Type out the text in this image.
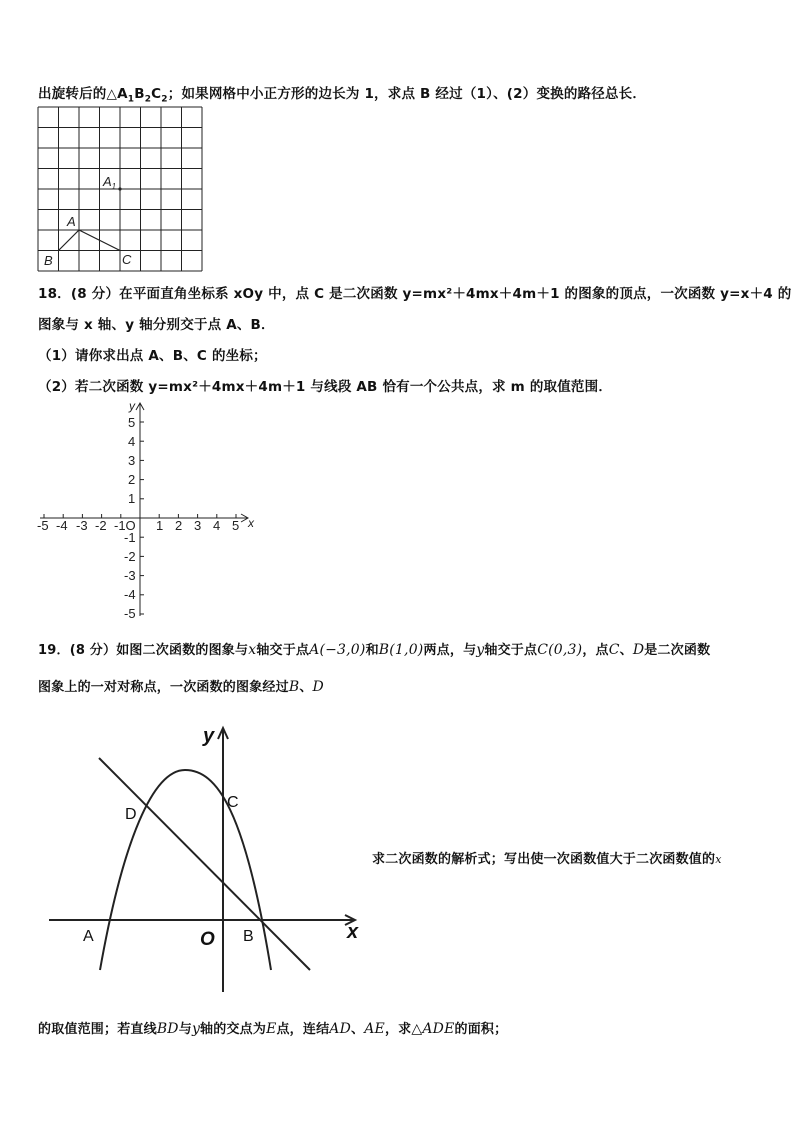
出旋转后的$\triangle A_1B_2C_2$；如果网格中小正方形的边长为 1，求点 B 经过（1）、(2）变换的路径总长．
$A_1$
A
B	C
18．(8 分）在平面直角坐标系 xOy 中，点 C 是二次函数 y=mx²＋4mx＋4m＋1 的图象的顶点，一次函数 y=x＋4 的
图象与 x 轴、y 轴分别交于点 A、B．
（1）请你求出点 A、B、C 的坐标；
（2）若二次函数 y=mx²＋4mx＋4m＋1 与线段 AB 恰有一个公共点，求 m 的取值范围．
-5 -4 -3 -2 -1O 1 2 3 4 5 x
y
5
4
3
2
1
-1
-2
-3
-4
-5
19．(8 分）如图二次函数的图象与x轴交于点A(−3,0)和B(1,0)两点，与y轴交于点C(0,3)，点C、D是二次函数
图象上的一对对称点，一次函数的图象经过B、D
y
x
O
A	B
C
D
求二次函数的解析式；写出使一次函数值大于二次函数值的x
的取值范围；若直线BD与y轴的交点为E点，连结AD、AE，求△ADE的面积；
